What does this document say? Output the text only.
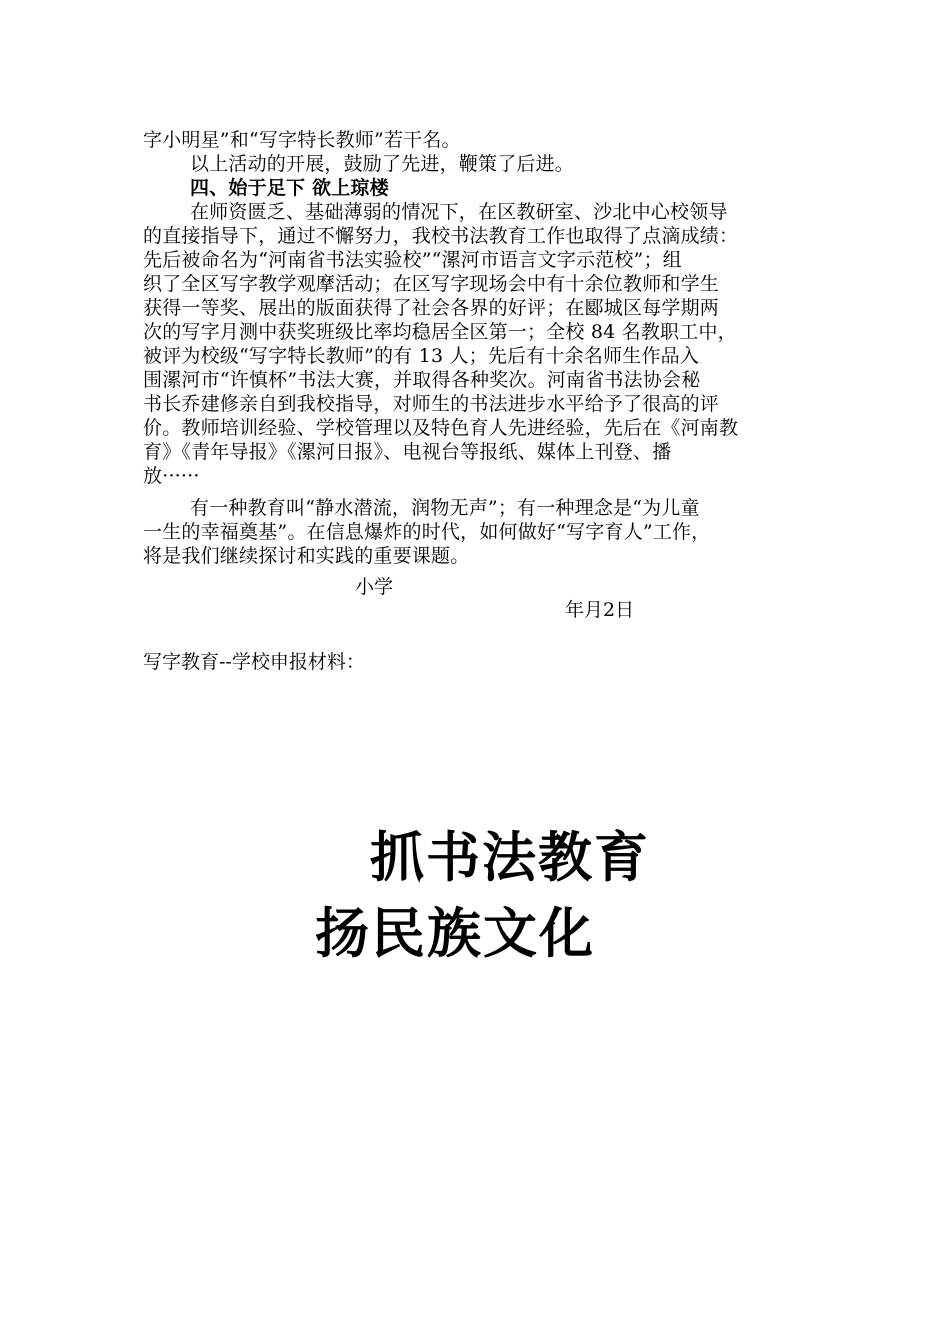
字小明星”和“写字特长教师”若干名。
以上活动的开展，鼓励了先进，鞭策了后进。
四、始于足下 欲上琼楼
在师资匮乏、基础薄弱的情况下，在区教研室、沙北中心校领导
的直接指导下，通过不懈努力，我校书法教育工作也取得了点滴成绩：
先后被命名为“河南省书法实验校”“漯河市语言文字示范校”；组
织了全区写字教学观摩活动；在区写字现场会中有十余位教师和学生
获得一等奖、展出的版面获得了社会各界的好评；在郾城区每学期两
次的写字月测中获奖班级比率均稳居全区第一；全校 84 名教职工中，
被评为校级“写字特长教师”的有 13 人；先后有十余名师生作品入
围漯河市“许慎杯”书法大赛，并取得各种奖次。河南省书法协会秘
书长乔建修亲自到我校指导，对师生的书法进步水平给予了很高的评
价。教师培训经验、学校管理以及特色育人先进经验，先后在《河南教
育》《青年导报》《漯河日报》、电视台等报纸、媒体上刊登、播
放······
有一种教育叫“静水潜流，润物无声”；有一种理念是“为儿童
一生的幸福奠基”。在信息爆炸的时代，如何做好“写字育人”工作，
将是我们继续探讨和实践的重要课题。
小学
年月2日
写字教育--学校申报材料：
抓书法教育
扬民族文化
